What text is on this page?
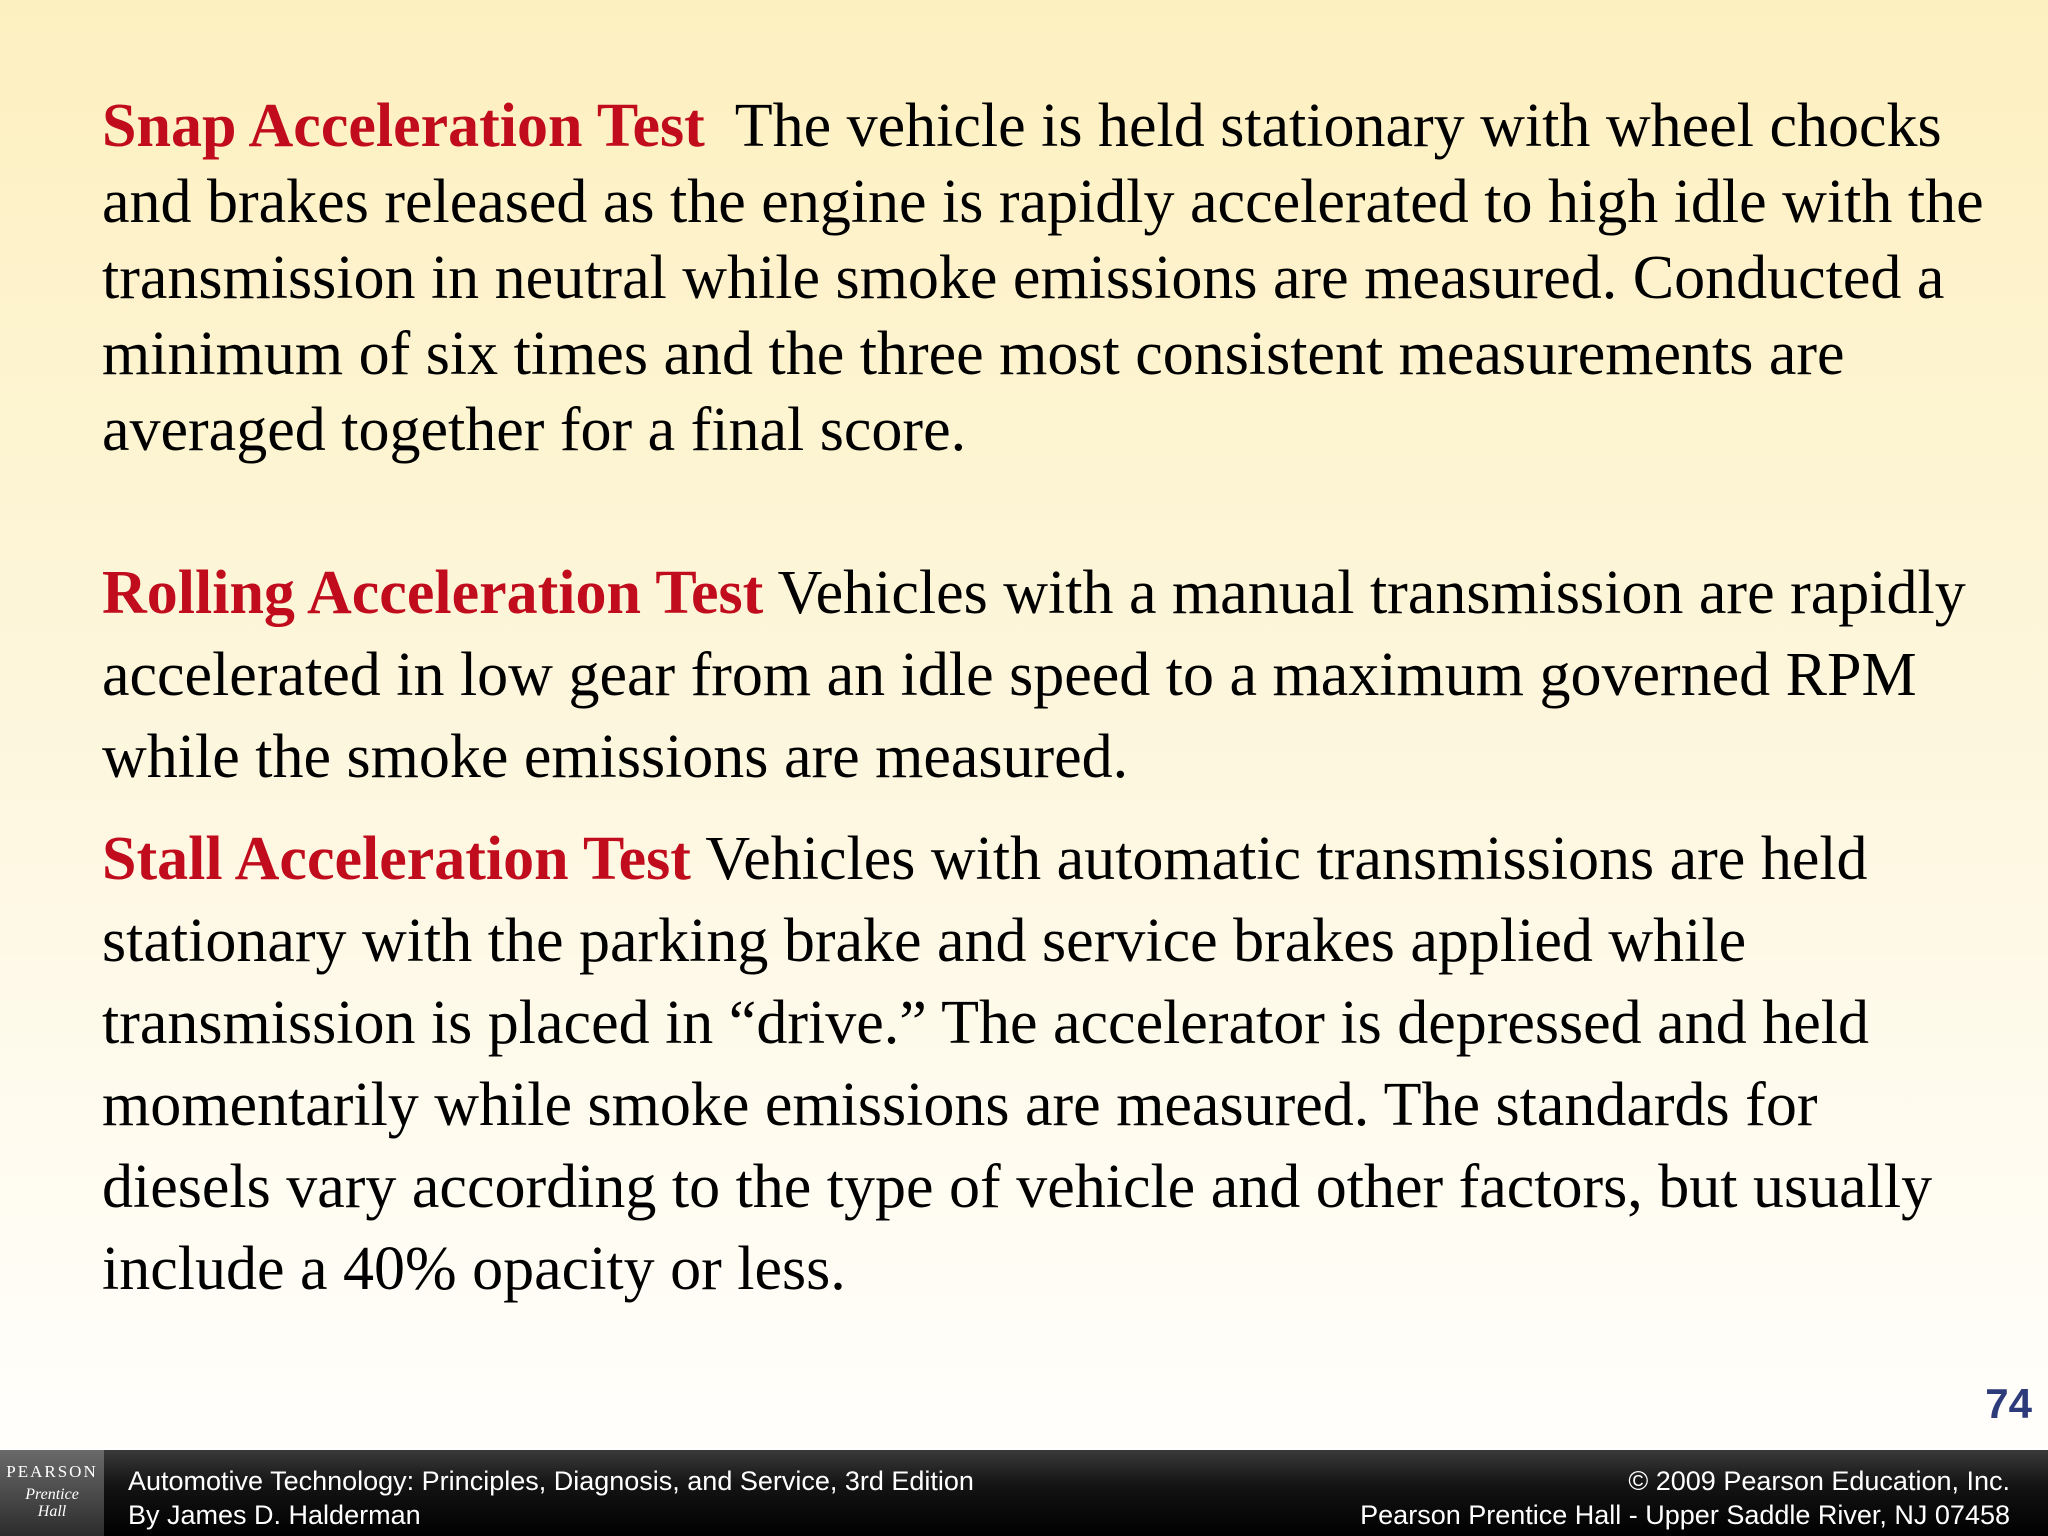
Snap Acceleration Test  The vehicle is held stationary with wheel chocks and brakes released as the engine is rapidly accelerated to high idle with the transmission in neutral while smoke emissions are measured. Conducted a minimum of six times and the three most consistent measurements are averaged together for a final score.

Rolling Acceleration Test Vehicles with a manual transmission are rapidly accelerated in low gear from an idle speed to a maximum governed RPM while the smoke emissions are measured.

Stall Acceleration Test Vehicles with automatic transmissions are held stationary with the parking brake and service brakes applied while transmission is placed in “drive.” The accelerator is depressed and held momentarily while smoke emissions are measured. The standards for diesels vary according to the type of vehicle and other factors, but usually include a 40% opacity or less.

74
PEARSON
Prentice
Hall
Automotive Technology: Principles, Diagnosis, and Service, 3rd Edition
By James D. Halderman
© 2009 Pearson Education, Inc.
Pearson Prentice Hall - Upper Saddle River, NJ 07458
